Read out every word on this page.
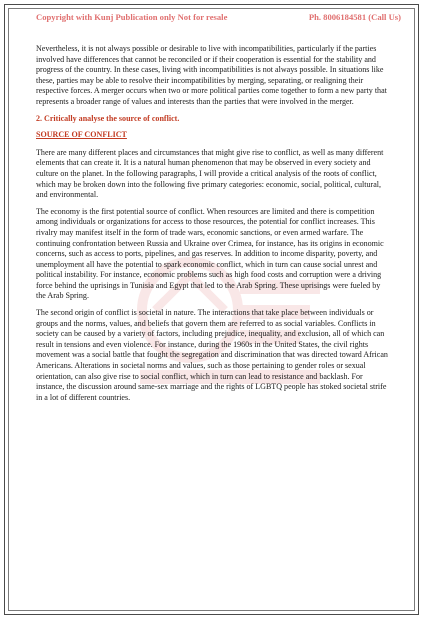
Copyright with Kunj Publication only Not for resale	Ph. 8006184581 (Call Us)

Nevertheless, it is not always possible or desirable to live with incompatibilities, particularly if the parties involved have differences that cannot be reconciled or if their cooperation is essential for the stability and progress of the country. In these cases, living with incompatibilities is not always possible. In situations like these, parties may be able to resolve their incompatibilities by merging, separating, or realigning their respective forces. A merger occurs when two or more political parties come together to form a new party that represents a broader range of values and interests than the parties that were involved in the merger.

2. Critically analyse the source of conflict.

SOURCE OF CONFLICT

There are many different places and circumstances that might give rise to conflict, as well as many different elements that can create it. It is a natural human phenomenon that may be observed in every society and culture on the planet. In the following paragraphs, I will provide a critical analysis of the roots of conflict, which may be broken down into the following five primary categories: economic, social, political, cultural, and environmental.

The economy is the first potential source of conflict. When resources are limited and there is competition among individuals or organizations for access to those resources, the potential for conflict increases. This rivalry may manifest itself in the form of trade wars, economic sanctions, or even armed warfare. The continuing confrontation between Russia and Ukraine over Crimea, for instance, has its origins in economic concerns, such as access to ports, pipelines, and gas reserves. In addition to income disparity, poverty, and unemployment all have the potential to spark economic conflict, which in turn can cause social unrest and political instability. For instance, economic problems such as high food costs and corruption were a driving force behind the uprisings in Tunisia and Egypt that led to the Arab Spring. These uprisings were fueled by the Arab Spring.

The second origin of conflict is societal in nature. The interactions that take place between individuals or groups and the norms, values, and beliefs that govern them are referred to as social variables. Conflicts in society can be caused by a variety of factors, including prejudice, inequality, and exclusion, all of which can result in tensions and even violence. For instance, during the 1960s in the United States, the civil rights movement was a social battle that fought the segregation and discrimination that was directed toward African Americans. Alterations in societal norms and values, such as those pertaining to gender roles or sexual orientation, can also give rise to social conflict, which in turn can lead to resistance and backlash. For instance, the discussion around same-sex marriage and the rights of LGBTQ people has stoked societal strife in a lot of different countries.
